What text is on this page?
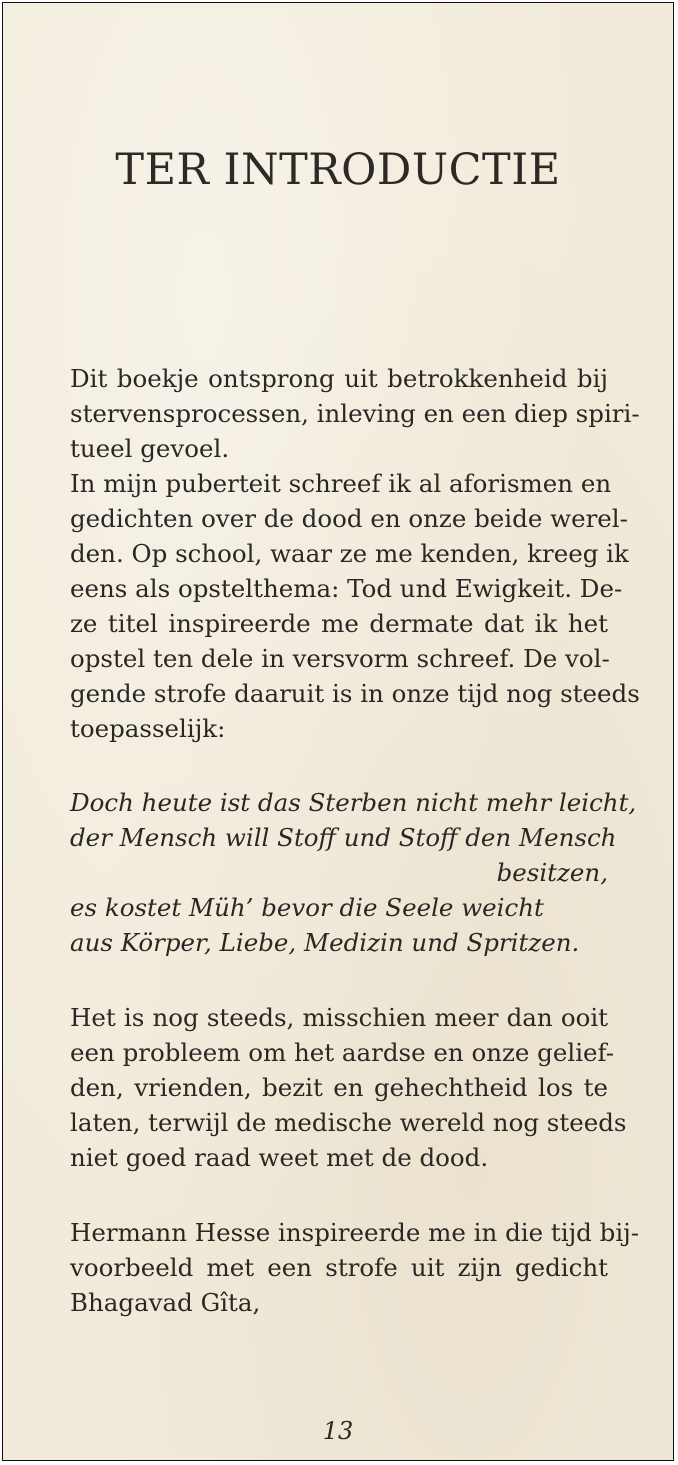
TER INTRODUCTIE
Dit boekje ontsprong uit betrokkenheid bij
stervensprocessen, inleving en een diep spiri-
tueel gevoel.
In mijn puberteit schreef ik al aforismen en
gedichten over de dood en onze beide werel-
den. Op school, waar ze me kenden, kreeg ik
eens als opstelthema: Tod und Ewigkeit. De-
ze titel inspireerde me dermate dat ik het
opstel ten dele in versvorm schreef. De vol-
gende strofe daaruit is in onze tijd nog steeds
toepasselijk:
Doch heute ist das Sterben nicht mehr leicht,
der Mensch will Stoff und Stoff den Mensch
besitzen,
es kostet Müh’ bevor die Seele weicht
aus Körper, Liebe, Medizin und Spritzen.
Het is nog steeds, misschien meer dan ooit
een probleem om het aardse en onze gelief-
den, vrienden, bezit en gehechtheid los te
laten, terwijl de medische wereld nog steeds
niet goed raad weet met de dood.
Hermann Hesse inspireerde me in die tijd bij-
voorbeeld met een strofe uit zijn gedicht
Bhagavad Gîta,
13
